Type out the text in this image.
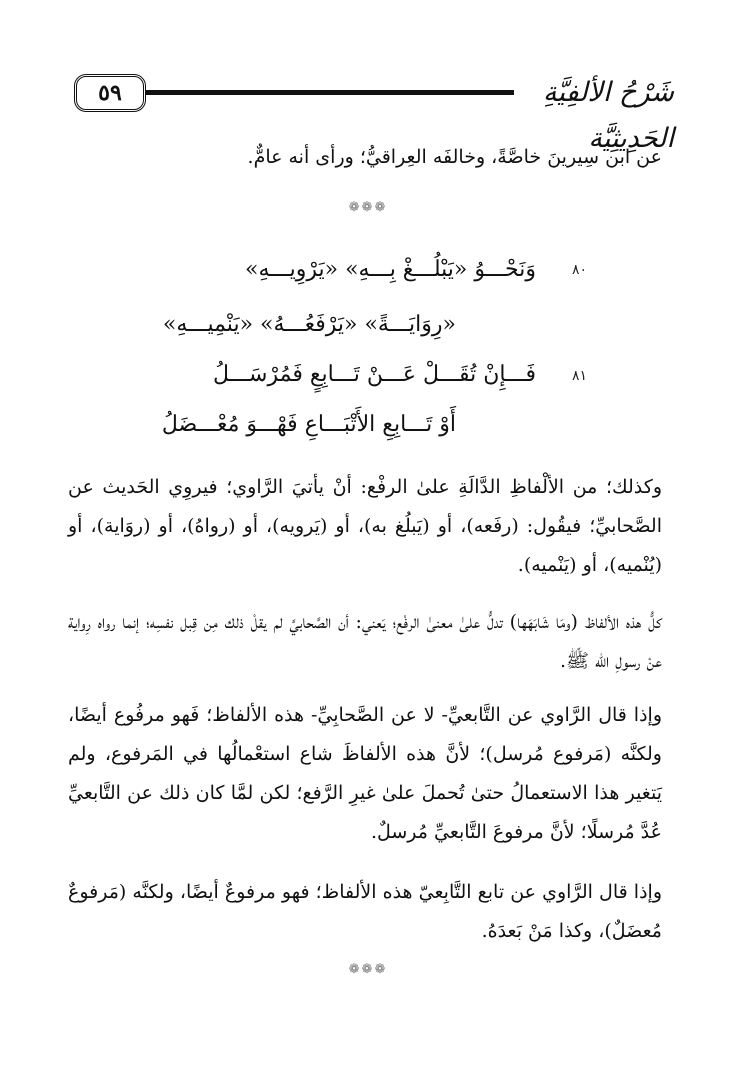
٥٩	شَرْحُ الألفِيَّةِ الحَدِيثِيَّة
عن ابن سِيرينَ خاصَّةً، وخالفَه العِراقيُّ؛ ورأى أنه عامٌّ.
❁❁❁
٨٠
وَنَحْـــوُ «يَبْلُـــغْ بِـــهِ» «يَرْوِيـــهِ»
«رِوَايَـــةً» «يَرْفَعُـــهُ» «يَنْمِيـــهِ»
٨١
فَـــإِنْ تُقَـــلْ عَـــنْ تَـــابِعٍ فَمُرْسَـــلُ
أَوْ تَـــابِعِ الأَتْبَـــاعِ فَهْـــوَ مُعْـــضَلُ
وكذلك؛ من الألْفاظِ الدَّالَةِ علىٰ الرفْع: أنْ يأتيَ الرَّاوي؛ فيروِي الحَديث عن الصَّحابيِّ؛ فيقُول: (رفَعه)، أو (يَبلُغ به)، أو (يَرويه)، أو (رواهُ)، أو (روَاية)، أو (يُنْميه)، أو (يَنْميه).
كلُّ هذه الألفاظ (ومَا شَابَهَها) تدلُّ علىٰ معنىٰ الرفْع؛ يَعني: أن الصَّحابيَّ لم يقلْ ذلك مِن قِبل نفسِه؛ إنما رواه رِواية عنْ رسولِ الله ﷺ.
وإذا قال الرَّاوي عن التَّابعيِّ- لا عن الصَّحابِيِّ- هذه الألفاظ؛ فَهو مرفُوع أيضًا، ولكنَّه (مَرفوع مُرسل)؛ لأنَّ هذه الألفاظَ شاع استعْمالُها في المَرفوع، ولم يَتغير هذا الاستعمالُ حتىٰ تُحملَ علىٰ غيرِ الرَّفع؛ لكن لمَّا كان ذلك عن التَّابعيِّ عُدَّ مُرسلًا؛ لأنَّ مرفوعَ التَّابعيِّ مُرسلٌ.
وإذا قال الرَّاوي عن تابع التَّابِعيّ هذه الألفاظ؛ فهو مرفوعٌ أيضًا، ولكنَّه (مَرفوعٌ مُعضَلٌ)، وكذا مَنْ بَعدَهُ.
❁❁❁
